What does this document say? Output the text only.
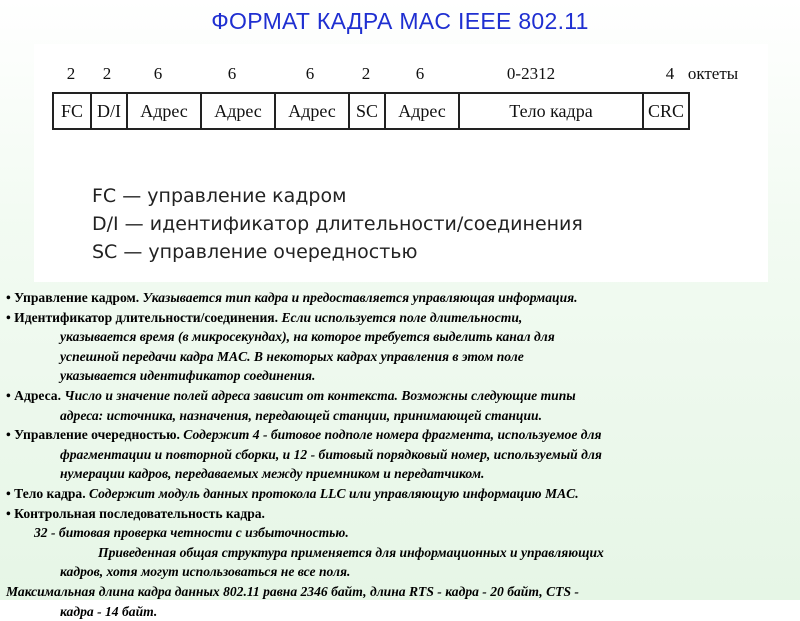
ФОРМАТ КАДРА MAC IEEE 802.11
2 2	6	6	6	2	6	0-2312	4 октеты
FC D/I	Адрес	Адрес	Адрес	SC	Адрес	Тело кадра	CRC
FC — управление кадром
D/I — идентификатор длительности/соединения
SC — управление очередностью

• Управление кадром. Указывается тип кадра и предоставляется управляющая информация.

• Идентификатор длительности/соединения. Если используется поле длительности,

указывается время (в микросекундах), на которое требуется выделить канал для

успешной передачи кадра MAC. В некоторых кадрах управления в этом поле

указывается идентификатор соединения.

• Адреса. Число и значение полей адреса зависит от контекста. Возможны следующие типы

адреса: источника, назначения, передающей станции, принимающей станции.

• Управление очередностью. Содержит 4 - битовое подполе номера фрагмента, используемое для

фрагментации и повторной сборки, и 12 - битовый порядковый номер, используемый для

нумерации кадров, передаваемых между приемником и передатчиком.

• Тело кадра. Содержит модуль данных протокола LLC или управляющую информацию MAC.

• Контрольная последовательность кадра.

32 - битовая проверка четности с избыточностью.

Приведенная общая структура применяется для информационных и управляющих

кадров, хотя могут использоваться не все поля.

Максимальная длина кадра данных 802.11 равна 2346 байт, длина RTS - кадра - 20 байт, CTS -

кадра - 14 байт.
